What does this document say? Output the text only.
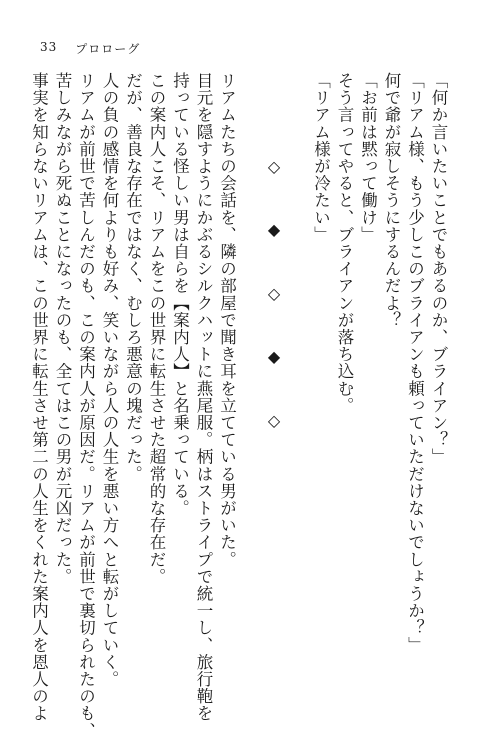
33 プロローグ
「何か言いたいことでもあるのか、ブライアン？」
「リアム様、もう少しこのブライアンも頼っていただけないでしょうか？」
何で爺が寂しそうにするんだよ？
「お前は黙って働け」
そう言ってやると、ブライアンが落ち込む。
「リアム様が冷たい」

◇ ◆ ◇ ◆ ◇

リアムたちの会話を、隣の部屋で聞き耳を立てている男がいた。
目元を隠すようにかぶるシルクハットに燕尾服。柄はストライプで統一し、旅行鞄を
持っている怪しい男は自らを【案内人】と名乗っている。
この案内人こそ、リアムをこの世界に転生させた超常的な存在だ。
だが、善良な存在ではなく、むしろ悪意の塊だった。
人の負の感情を何よりも好み、笑いながら人の人生を悪い方へと転がしていく。
リアムが前世で苦しんだのも、この案内人が原因だ。リアムが前世で裏切られたのも、
苦しみながら死ぬことになったのも、全てはこの男が元凶だった。
事実を知らないリアムは、この世界に転生させ第二の人生をくれた案内人を恩人のよ
